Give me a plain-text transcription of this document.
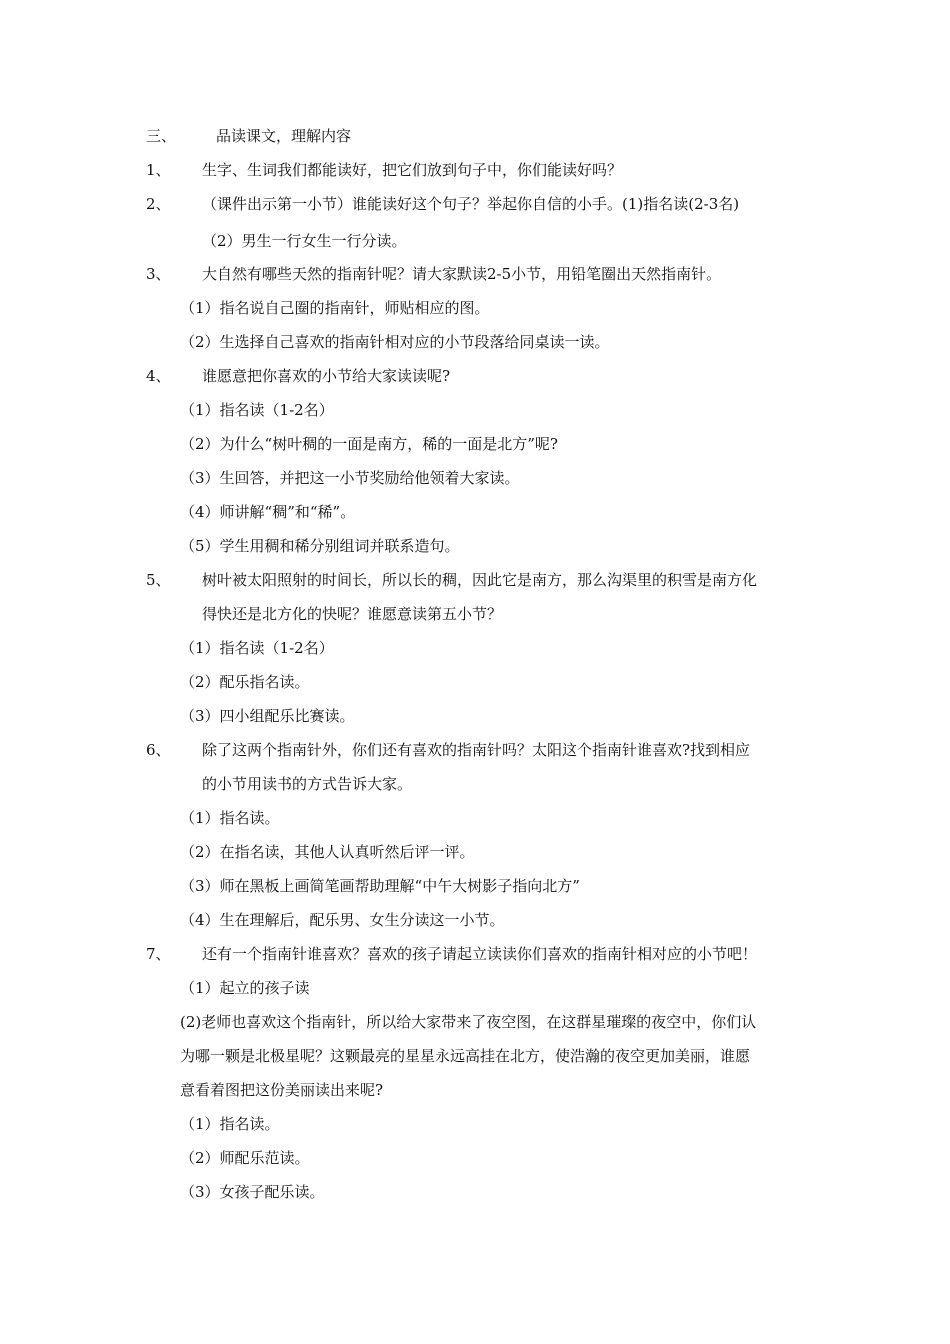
三、	品读课文，理解内容
1、 生字、生词我们都能读好，把它们放到句子中，你们能读好吗？
2、 （课件出示第一小节）谁能读好这个句子？举起你自信的小手。(1)指名读(2-3名)
（2）男生一行女生一行分读。
3、 大自然有哪些天然的指南针呢？请大家默读2-5小节，用铅笔圈出天然指南针。
（1）指名说自己圈的指南针，师贴相应的图。
（2）生选择自己喜欢的指南针相对应的小节段落给同桌读一读。
4、 谁愿意把你喜欢的小节给大家读读呢?
（1）指名读（1-2名）
（2）为什么“树叶稠的一面是南方，稀的一面是北方”呢?
（3）生回答，并把这一小节奖励给他领着大家读。
（4）师讲解“稠”和“稀”。
（5）学生用稠和稀分别组词并联系造句。
5、 树叶被太阳照射的时间长，所以长的稠，因此它是南方，那么沟渠里的积雪是南方化
得快还是北方化的快呢？谁愿意读第五小节？
（1）指名读（1-2名）
（2）配乐指名读。
（3）四小组配乐比赛读。
6、 除了这两个指南针外，你们还有喜欢的指南针吗？太阳这个指南针谁喜欢?找到相应
的小节用读书的方式告诉大家。
（1）指名读。
（2）在指名读，其他人认真听然后评一评。
（3）师在黑板上画简笔画帮助理解“中午大树影子指向北方”
（4）生在理解后，配乐男、女生分读这一小节。
7、 还有一个指南针谁喜欢？喜欢的孩子请起立读读你们喜欢的指南针相对应的小节吧！
（1）起立的孩子读
(2)老师也喜欢这个指南针，所以给大家带来了夜空图，在这群星璀璨的夜空中，你们认
为哪一颗是北极星呢？这颗最亮的星星永远高挂在北方，使浩瀚的夜空更加美丽，谁愿
意看着图把这份美丽读出来呢?
（1）指名读。
（2）师配乐范读。
（3）女孩子配乐读。
